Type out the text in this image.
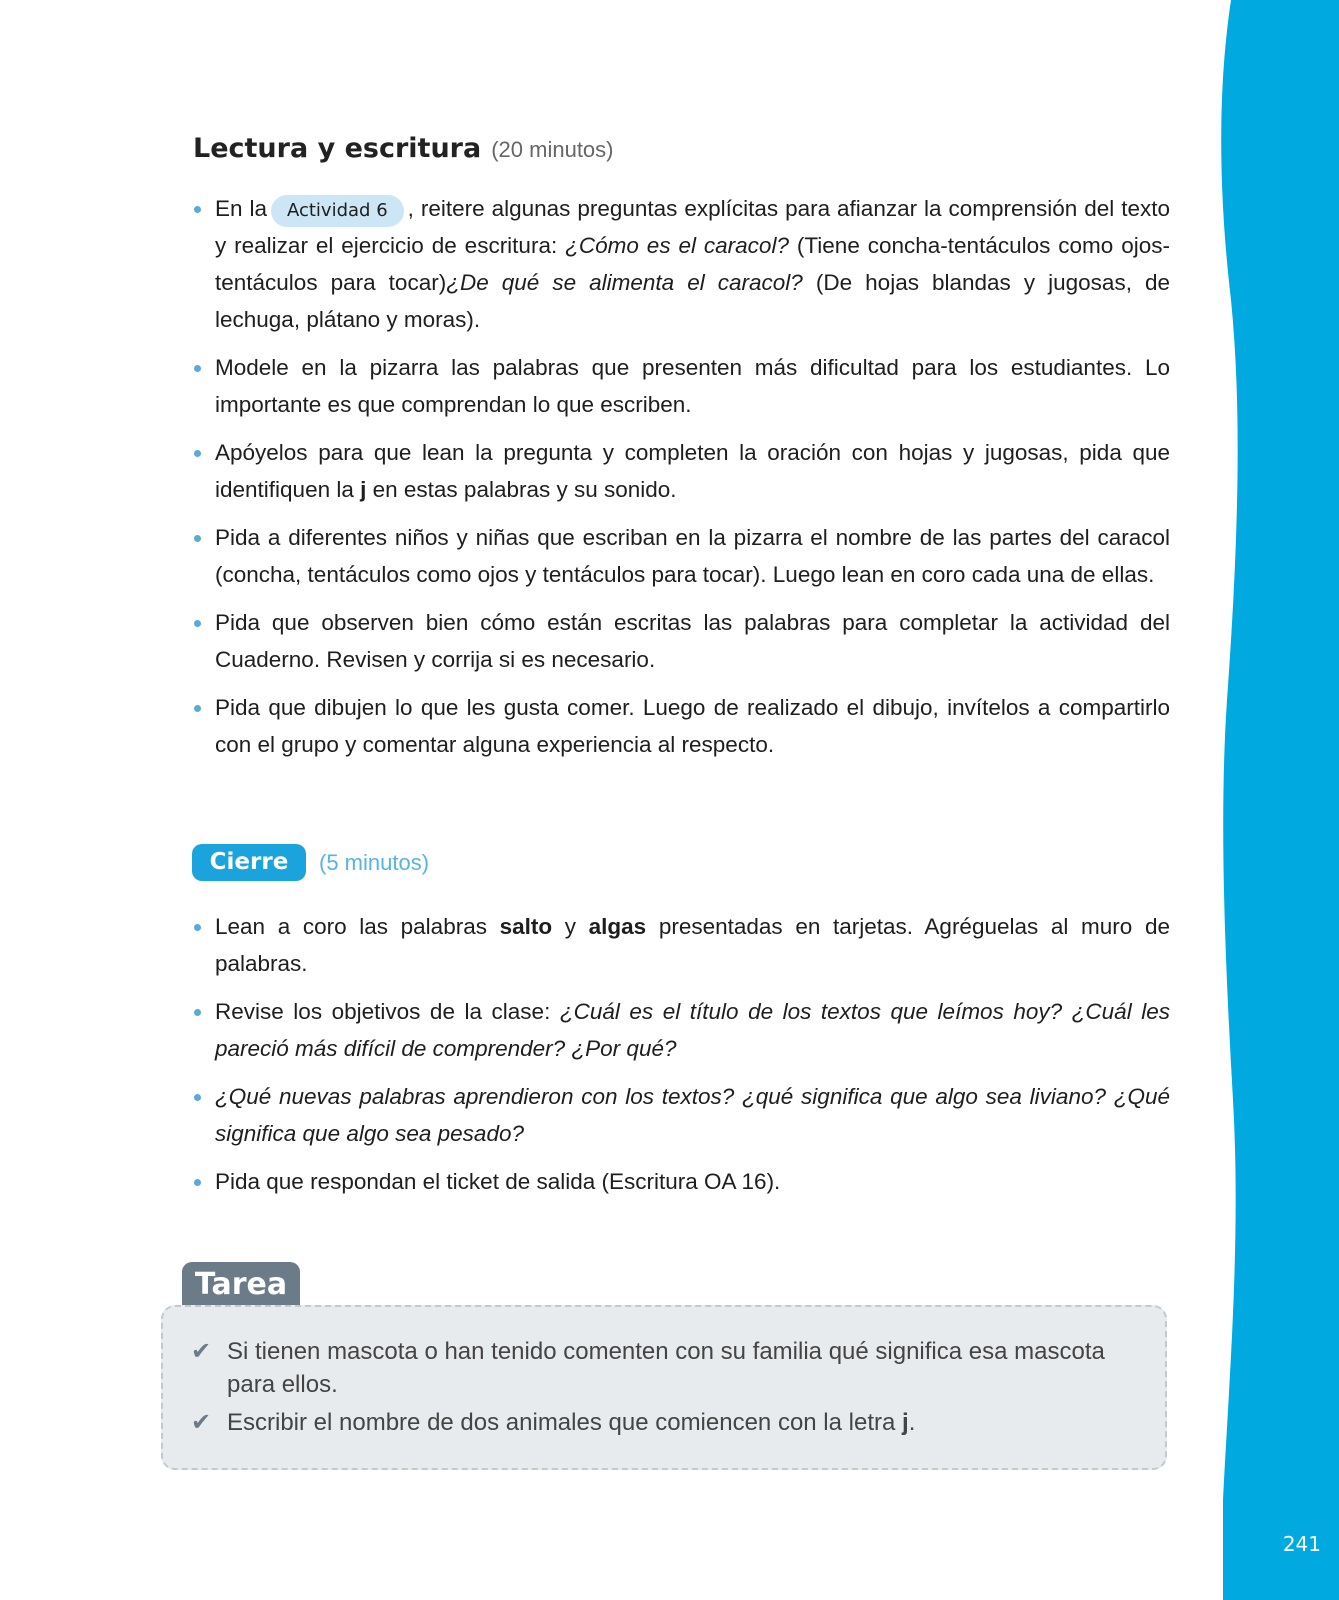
241
Lectura y escritura (20 minutos)
En la Actividad 6 , reitere algunas preguntas explícitas para afianzar la comprensión del texto y realizar el ejercicio de escritura: ¿Cómo es el caracol? (Tiene concha-tentáculos como ojos-tentáculos para tocar)¿De qué se alimenta el caracol? (De hojas blandas y jugosas, de lechuga, plátano y moras).
Modele en la pizarra las palabras que presenten más dificultad para los estudiantes. Lo importante es que comprendan lo que escriben.
Apóyelos para que lean la pregunta y completen la oración con hojas y jugosas, pida que identifiquen la j en estas palabras y su sonido.
Pida a diferentes niños y niñas que escriban en la pizarra el nombre de las partes del caracol (concha, tentáculos como ojos y tentáculos para tocar). Luego lean en coro cada una de ellas.
Pida que observen bien cómo están escritas las palabras para completar la actividad del Cuaderno. Revisen y corrija si es necesario.
Pida que dibujen lo que les gusta comer. Luego de realizado el dibujo, invítelos a compartirlo con el grupo y comentar alguna experiencia al respecto.
Cierre	(5 minutos)
Lean a coro las palabras salto y algas presentadas en tarjetas. Agréguelas al muro de palabras.
Revise los objetivos de la clase: ¿Cuál es el título de los textos que leímos hoy? ¿Cuál les pareció más difícil de comprender? ¿Por qué?
¿Qué nuevas palabras aprendieron con los textos? ¿qué significa que algo sea liviano? ¿Qué significa que algo sea pesado?
Pida que respondan el ticket de salida (Escritura OA 16).
Tarea
✔ Si tienen mascota o han tenido comenten con su familia qué significa esa mascota para ellos.
✔ Escribir el nombre de dos animales que comiencen con la letra j.
